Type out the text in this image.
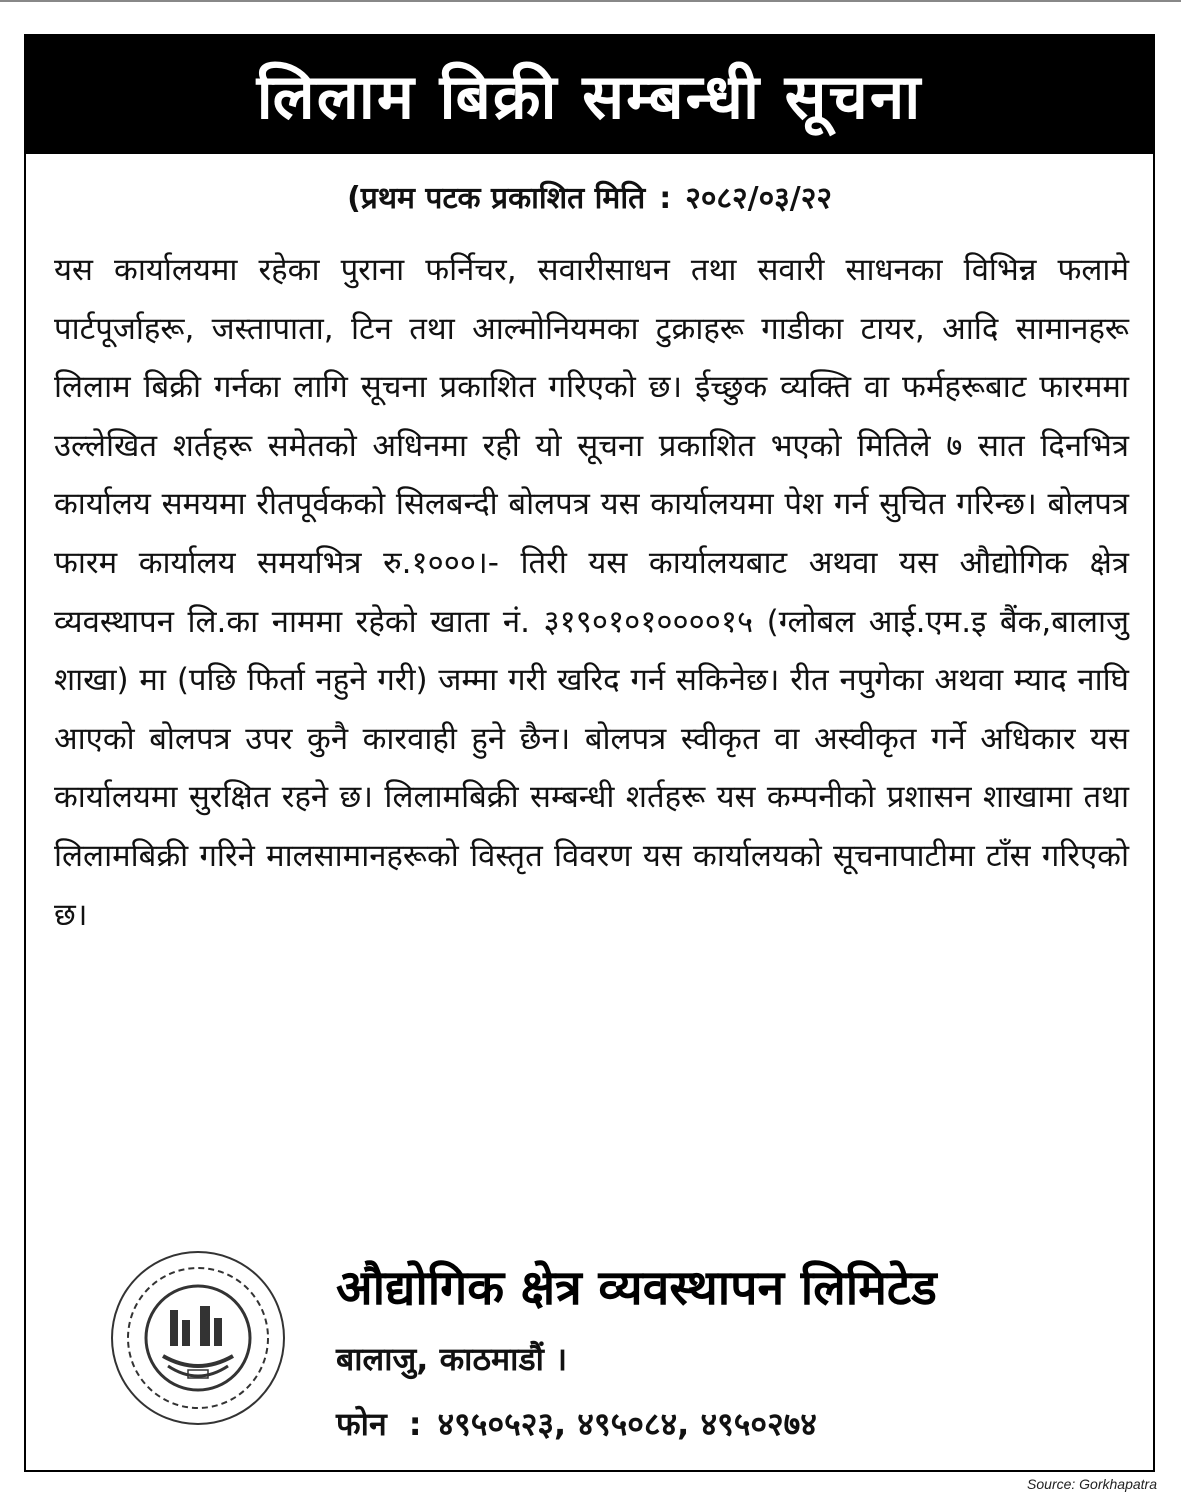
लिलाम बिक्री सम्बन्धी सूचना
(प्रथम पटक प्रकाशित मिति : २०८२/०३/२२
यस कार्यालयमा रहेका पुराना फर्निचर, सवारीसाधन तथा सवारी साधनका विभिन्न फलामे पार्टपूर्जाहरू, जस्तापाता, टिन तथा आल्मोनियमका टुक्राहरू गाडीका टायर, आदि सामानहरू लिलाम बिक्री गर्नका लागि सूचना प्रकाशित गरिएको छ। ईच्छुक व्यक्ति वा फर्महरूबाट फारममा उल्लेखित शर्तहरू समेतको अधिनमा रही यो सूचना प्रकाशित भएको मितिले ७ सात दिनभित्र कार्यालय समयमा रीतपूर्वकको सिलबन्दी बोलपत्र यस कार्यालयमा पेश गर्न सुचित गरिन्छ। बोलपत्र फारम कार्यालय समयभित्र रु.१०००।- तिरी यस कार्यालयबाट अथवा यस औद्योगिक क्षेत्र व्यवस्थापन लि.का नाममा रहेको खाता नं. ३१९०१०१००००१५ (ग्लोबल आई.एम.इ बैंक,बालाजु शाखा) मा (पछि फिर्ता नहुने गरी) जम्मा गरी खरिद गर्न सकिनेछ। रीत नपुगेका अथवा म्याद नाघि आएको बोलपत्र उपर कुनै कारवाही हुने छैन। बोलपत्र स्वीकृत वा अस्वीकृत गर्ने अधिकार यस कार्यालयमा सुरक्षित रहने छ। लिलामबिक्री सम्बन्धी शर्तहरू यस कम्पनीको प्रशासन शाखामा तथा लिलामबिक्री गरिने मालसामानहरूको विस्तृत विवरण यस कार्यालयको सूचनापाटीमा टाँस गरिएको छ।
औद्योगिक क्षेत्र व्यवस्थापन लिमिटेड
बालाजु, काठमाडौं ।
फोन : ४९५०५२३, ४९५०८४, ४९५०२७४
Source: Gorkhapatra
